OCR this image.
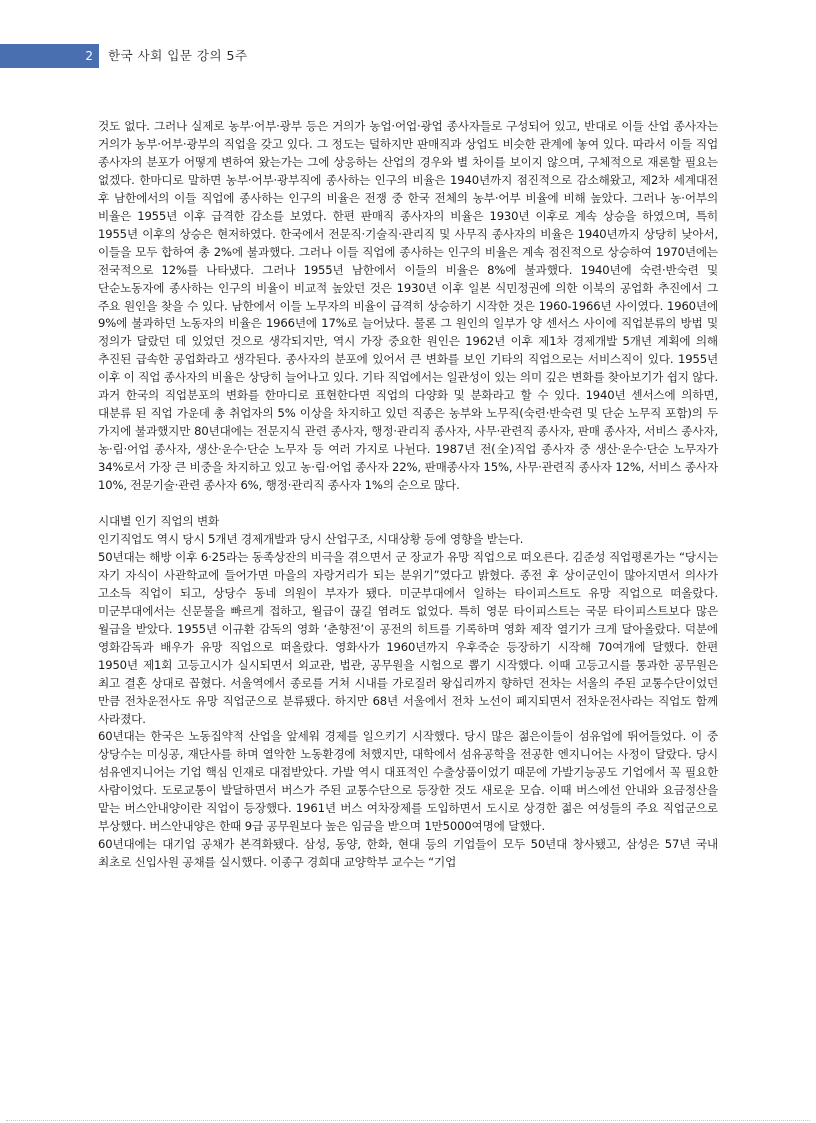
2	한국 사회 입문 강의 5주

것도 없다. 그러나 실제로 농부·어부·광부 등은 거의가 농업·어업·광업 종사자들로 구성되어 있고, 반대로 이들 산업 종사자는 거의가 농부·어부·광부의 직업을 갖고 있다. 그 정도는 덜하지만 판매직과 상업도 비슷한 관계에 놓여 있다. 따라서 이들 직업 종사자의 분포가 어떻게 변하여 왔는가는 그에 상응하는 산업의 경우와 별 차이를 보이지 않으며, 구체적으로 재론할 필요는 없겠다. 한마디로 말하면 농부·어부·광부직에 종사하는 인구의 비율은 1940년까지 점진적으로 감소해왔고, 제2차 세계대전 후 남한에서의 이들 직업에 종사하는 인구의 비율은 전쟁 중 한국 전체의 농부·어부 비율에 비해 높았다. 그러나 농·어부의 비율은 1955년 이후 급격한 감소를 보였다. 한편 판매직 종사자의 비율은 1930년 이후로 계속 상승을 하였으며, 특히 1955년 이후의 상승은 현저하였다. 한국에서 전문직·기술직·관리직 및 사무직 종사자의 비율은 1940년까지 상당히 낮아서, 이들을 모두 합하여 총 2%에 불과했다. 그러나 이들 직업에 종사하는 인구의 비율은 계속 점진적으로 상승하여 1970년에는 전국적으로 12%를 나타냈다. 그러나 1955년 남한에서 이들의 비율은 8%에 불과했다. 1940년에 숙련·반숙련 및 단순노동자에 종사하는 인구의 비율이 비교적 높았던 것은 1930년 이후 일본 식민정권에 의한 이북의 공업화 추진에서 그 주요 원인을 찾을 수 있다. 남한에서 이들 노무자의 비율이 급격히 상승하기 시작한 것은 1960-1966년 사이였다. 1960년에 9%에 불과하던 노동자의 비율은 1966년에 17%로 늘어났다. 물론 그 원인의 일부가 양 센서스 사이에 직업분류의 방법 및 정의가 달랐던 데 있었던 것으로 생각되지만, 역시 가장 중요한 원인은 1962년 이후 제1차 경제개발 5개년 계획에 의해 추진된 급속한 공업화라고 생각된다. 종사자의 분포에 있어서 큰 변화를 보인 기타의 직업으로는 서비스직이 있다. 1955년 이후 이 직업 종사자의 비율은 상당히 늘어나고 있다. 기타 직업에서는 일관성이 있는 의미 깊은 변화를 찾아보기가 쉽지 않다. 과거 한국의 직업분포의 변화를 한마디로 표현한다면 직업의 다양화 및 분화라고 할 수 있다. 1940년 센서스에 의하면, 대분류 된 직업 가운데 총 취업자의 5% 이상을 차지하고 있던 직종은 농부와 노무직(숙련·반숙련 및 단순 노무직 포함)의 두 가지에 불과했지만 80년대에는 전문지식 관련 종사자, 행정·관리직 종사자, 사무·관련직 종사자, 판매 종사자, 서비스 종사자, 농·림·어업 종사자, 생산·운수·단순 노무자 등 여러 가지로 나뉜다. 1987년 전(全)직업 종사자 중 생산·운수·단순 노무자가 34%로서 가장 큰 비중을 차지하고 있고 농·림·어업 종사자 22%, 판매종사자 15%, 사무·관련직 종사자 12%, 서비스 종사자 10%, 전문기술·관련 종사자 6%, 행정·관리직 종사자 1%의 순으로 많다.

시대별 인기 직업의 변화

인기직업도 역시 당시 5개년 경제개발과 당시 산업구조, 시대상황 등에 영향을 받는다.

50년대는 해방 이후 6·25라는 동족상잔의 비극을 겪으면서 군 장교가 유망 직업으로 떠오른다. 김준성 직업평론가는 “당시는 자기 자식이 사관학교에 들어가면 마을의 자랑거리가 되는 분위기”였다고 밝혔다. 종전 후 상이군인이 많아지면서 의사가 고소득 직업이 되고, 상당수 동네 의원이 부자가 됐다. 미군부대에서 일하는 타이피스트도 유망 직업으로 떠올랐다. 미군부대에서는 신문물을 빠르게 접하고, 월급이 끊길 염려도 없었다. 특히 영문 타이피스트는 국문 타이피스트보다 많은 월급을 받았다. 1955년 이규환 감독의 영화 ‘춘향전’이 공전의 히트를 기록하며 영화 제작 열기가 크게 달아올랐다. 덕분에 영화감독과 배우가 유망 직업으로 떠올랐다. 영화사가 1960년까지 우후죽순 등장하기 시작해 70여개에 달했다. 한편 1950년 제1회 고등고시가 실시되면서 외교관, 법관, 공무원을 시험으로 뽑기 시작했다. 이때 고등고시를 통과한 공무원은 최고 결혼 상대로 꼽혔다. 서울역에서 종로를 거쳐 시내를 가로질러 왕십리까지 향하던 전차는 서울의 주된 교통수단이었던 만큼 전차운전사도 유망 직업군으로 분류됐다. 하지만 68년 서울에서 전차 노선이 폐지되면서 전차운전사라는 직업도 함께 사라졌다.

60년대는 한국은 노동집약적 산업을 앞세워 경제를 일으키기 시작했다. 당시 많은 젊은이들이 섬유업에 뛰어들었다. 이 중 상당수는 미싱공, 재단사를 하며 열악한 노동환경에 처했지만, 대학에서 섬유공학을 전공한 엔지니어는 사정이 달랐다. 당시 섬유엔지니어는 기업 핵심 인재로 대접받았다. 가발 역시 대표적인 수출상품이었기 때문에 가발기능공도 기업에서 꼭 필요한 사람이었다. 도로교통이 발달하면서 버스가 주된 교통수단으로 등장한 것도 새로운 모습. 이때 버스에선 안내와 요금정산을 맡는 버스안내양이란 직업이 등장했다. 1961년 버스 여차장제를 도입하면서 도시로 상경한 젊은 여성들의 주요 직업군으로 부상했다. 버스안내양은 한때 9급 공무원보다 높은 임금을 받으며 1만5000여명에 달했다.

60년대에는 대기업 공채가 본격화됐다. 삼성, 동양, 한화, 현대 등의 기업들이 모두 50년대 창사됐고, 삼성은 57년 국내 최초로 신입사원 공채를 실시했다. 이종구 경희대 교양학부 교수는 “기업
